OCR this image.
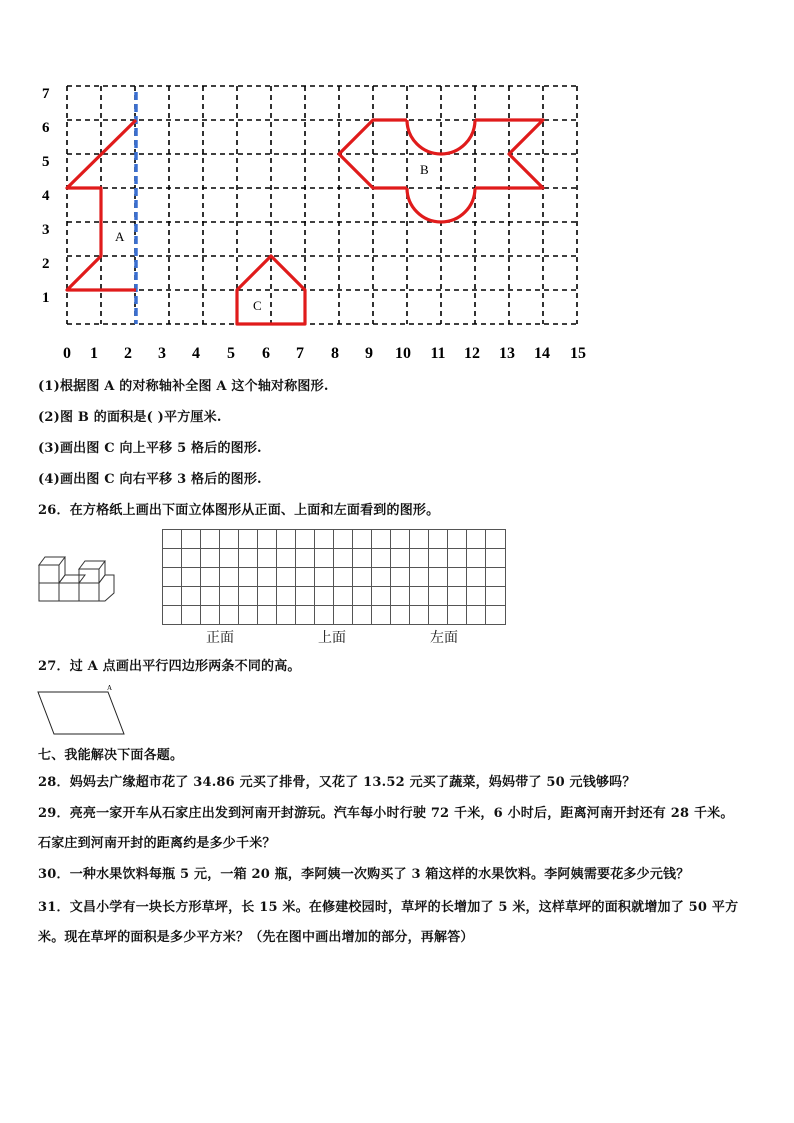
A
B
C
7
6
5
4
3
2
1
0 1 2 3 4 5 6 7 8 9 10 11 12 13 14 15
(1)根据图 A 的对称轴补全图 A 这个轴对称图形.
(2)图 B 的面积是( )平方厘米.
(3)画出图 C 向上平移 5 格后的图形.
(4)画出图 C 向右平移 3 格后的图形.
26．在方格纸上画出下面立体图形从正面、上面和左面看到的图形。
正面	上面	左面
27．过 A 点画出平行四边形两条不同的高。
A
七、我能解决下面各题。
28．妈妈去广缘超市花了 34.86 元买了排骨，又花了 13.52 元买了蔬菜，妈妈带了 50 元钱够吗？
29．亮亮一家开车从石家庄出发到河南开封游玩。汽车每小时行驶 72 千米，6 小时后，距离河南开封还有 28 千米。
石家庄到河南开封的距离约是多少千米？
30．一种水果饮料每瓶 5 元，一箱 20 瓶，李阿姨一次购买了 3 箱这样的水果饮料。李阿姨需要花多少元钱？
31．文昌小学有一块长方形草坪，长 15 米。在修建校园时，草坪的长增加了 5 米，这样草坪的面积就增加了 50 平方
米。现在草坪的面积是多少平方米？（先在图中画出增加的部分，再解答）
